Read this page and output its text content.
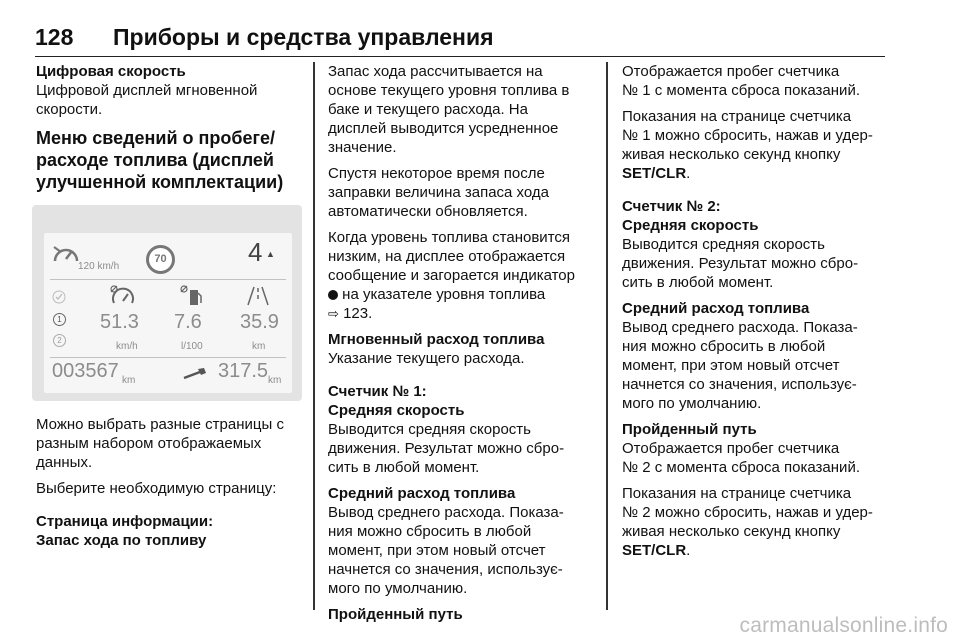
128 Приборы и средства управления

Цифровая скорость
Цифровой дисплей мгновенной скорости.

Меню сведений о пробеге/
расходе топлива (дисплей
улучшенной комплектации)
120 km/h
70	4 ▲
1
2
51.3
km/h
7.6
l/100
35.9
km
003567 km	317.5 km

Можно выбрать разные страницы с
разным набором отображаемых
данных.

Выберите необходимую страницу:

Страница информации:
Запас хода по топливу

Запас хода рассчитывается на
основе текущего уровня топлива в
баке и текущего расхода. На
дисплей выводится усредненное
значение.

Спустя некоторое время после
заправки величина запаса хода
автоматически обновляется.

Когда уровень топлива становится
низким, на дисплее отображается
сообщение и загорается индикатор
на указателе уровня топлива
⇨ 123.

Мгновенный расход топлива
Указание текущего расхода.

Счетчик № 1:
Средняя скорость
Выводится средняя скорость
движения. Результат можно сбро-
сить в любой момент.

Средний расход топлива
Вывод среднего расхода. Показа-
ния можно сбросить в любой
момент, при этом новый отсчет
начнется со значения, использує-
мого по умолчанию.

Пройденный путь

Отображается пробег счетчика
№ 1 с момента сброса показаний.

Показания на странице счетчика
№ 1 можно сбросить, нажав и удер-
живая несколько секунд кнопку
SET/CLR.

Счетчик № 2:
Средняя скорость
Выводится средняя скорость
движения. Результат можно сбро-
сить в любой момент.

Средний расход топлива
Вывод среднего расхода. Показа-
ния можно сбросить в любой
момент, при этом новый отсчет
начнется со значения, использує-
мого по умолчанию.

Пройденный путь
Отображается пробег счетчика
№ 2 с момента сброса показаний.

Показания на странице счетчика
№ 2 можно сбросить, нажав и удер-
живая несколько секунд кнопку
SET/CLR.

carmanualsonline.info
